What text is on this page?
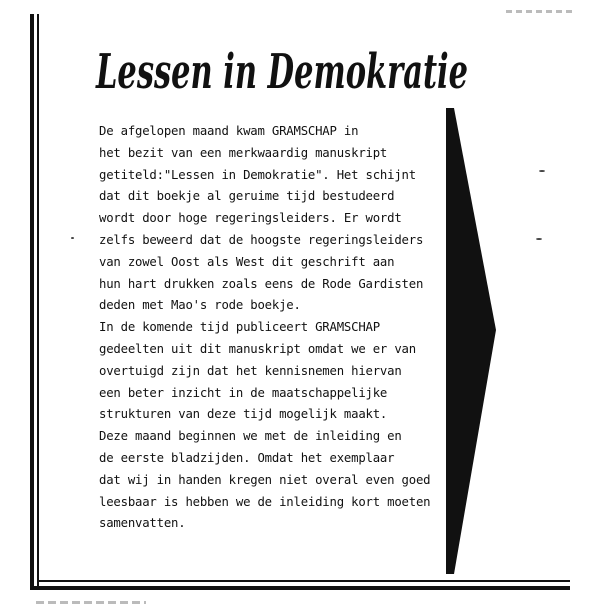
Lessen in Demokratie
De afgelopen maand kwam GRAMSCHAP in
het bezit van een merkwaardig manuskript
getiteld:"Lessen in Demokratie". Het schijnt
dat dit boekje al geruime tijd bestudeerd
wordt door hoge regeringsleiders. Er wordt
zelfs beweerd dat de hoogste regeringsleiders
van zowel Oost als West dit geschrift aan
hun hart drukken zoals eens de Rode Gardisten
deden met Mao's rode boekje.
In de komende tijd publiceert GRAMSCHAP
gedeelten uit dit manuskript omdat we er van
overtuigd zijn dat het kennisnemen hiervan
een beter inzicht in de maatschappelijke
strukturen van deze tijd mogelijk maakt.
Deze maand beginnen we met de inleiding en
de eerste bladzijden. Omdat het exemplaar
dat wij in handen kregen niet overal even goed
leesbaar is hebben we de inleiding kort moeten
samenvatten.
